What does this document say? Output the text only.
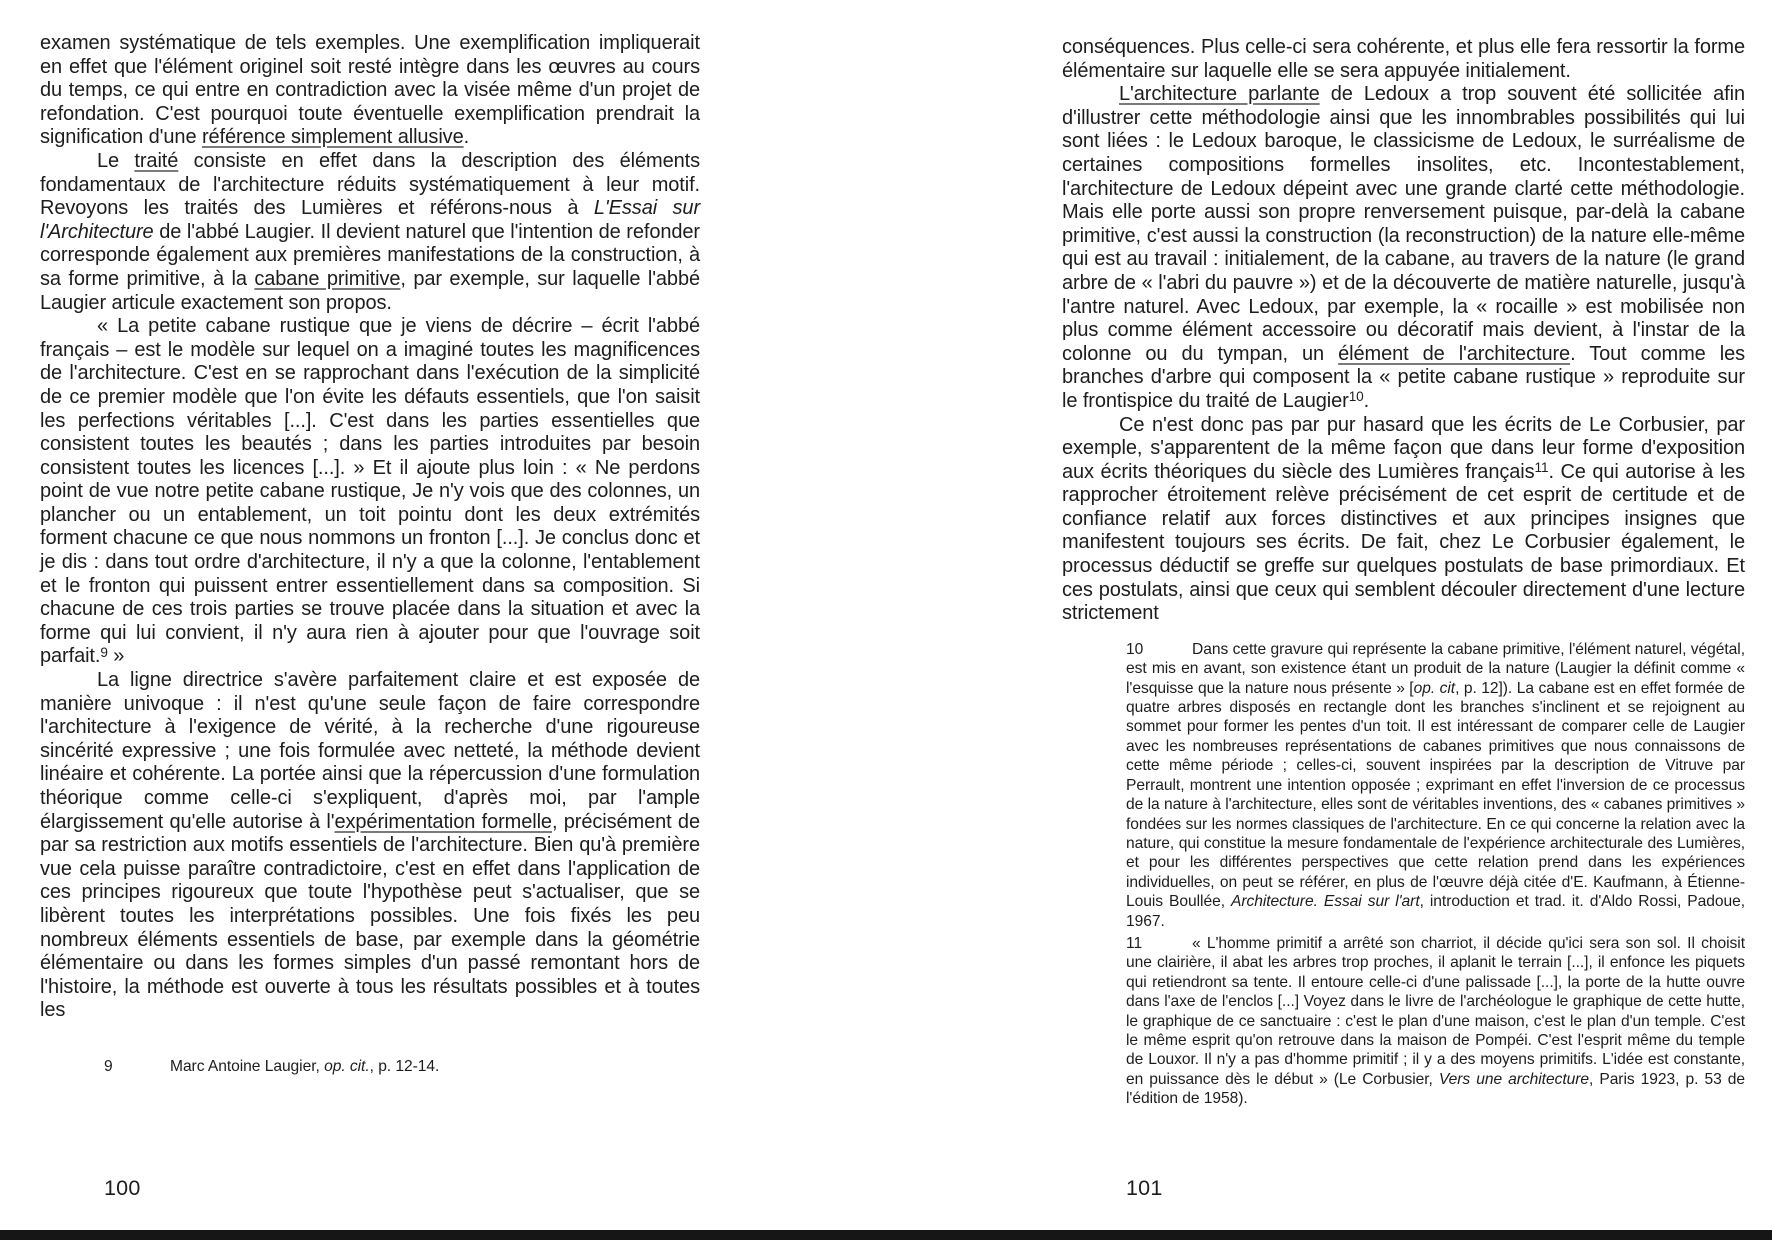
examen systématique de tels exemples. Une exemplification impliquerait en effet que l'élément originel soit resté intègre dans les œuvres au cours du temps, ce qui entre en contradiction avec la visée même d'un projet de refondation. C'est pourquoi toute éventuelle exemplification prendrait la signification d'une référence simplement allusive.

Le traité consiste en effet dans la description des éléments fondamentaux de l'architecture réduits systématiquement à leur motif. Revoyons les traités des Lumières et référons-nous à L'Essai sur l'Architecture de l'abbé Laugier. Il devient naturel que l'intention de refonder corresponde également aux premières manifestations de la construction, à sa forme primitive, à la cabane primitive, par exemple, sur laquelle l'abbé Laugier articule exactement son propos.

« La petite cabane rustique que je viens de décrire – écrit l'abbé français – est le modèle sur lequel on a imaginé toutes les magnificences de l'architecture. C'est en se rapprochant dans l'exécution de la simplicité de ce premier modèle que l'on évite les défauts essentiels, que l'on saisit les perfections véritables [...]. C'est dans les parties essentielles que consistent toutes les beautés ; dans les parties introduites par besoin consistent toutes les licences [...]. » Et il ajoute plus loin : « Ne perdons point de vue notre petite cabane rustique, Je n'y vois que des colonnes, un plancher ou un entablement, un toit pointu dont les deux extrémités forment chacune ce que nous nommons un fronton [...]. Je conclus donc et je dis : dans tout ordre d'architecture, il n'y a que la colonne, l'entablement et le fronton qui puissent entrer essentiellement dans sa composition. Si chacune de ces trois parties se trouve placée dans la situation et avec la forme qui lui convient, il n'y aura rien à ajouter pour que l'ouvrage soit parfait.$^9$ »

La ligne directrice s'avère parfaitement claire et est exposée de manière univoque : il n'est qu'une seule façon de faire correspondre l'architecture à l'exigence de vérité, à la recherche d'une rigoureuse sincérité expressive ; une fois formulée avec netteté, la méthode devient linéaire et cohérente. La portée ainsi que la répercussion d'une formulation théorique comme celle-ci s'expliquent, d'après moi, par l'ample élargissement qu'elle autorise à l'expérimentation formelle, précisément de par sa restriction aux motifs essentiels de l'architecture. Bien qu'à première vue cela puisse paraître contradictoire, c'est en effet dans l'application de ces principes rigoureux que toute l'hypothèse peut s'actualiser, que se libèrent toutes les interprétations possibles. Une fois fixés les peu nombreux éléments essentiels de base, par exemple dans la géométrie élémentaire ou dans les formes simples d'un passé remontant hors de l'histoire, la méthode est ouverte à tous les résultats possibles et à toutes les

9	Marc Antoine Laugier, op. cit., p. 12-14.

100

conséquences. Plus celle-ci sera cohérente, et plus elle fera ressortir la forme élémentaire sur laquelle elle se sera appuyée initialement.

L'architecture parlante de Ledoux a trop souvent été sollicitée afin d'illustrer cette méthodologie ainsi que les innombrables possibilités qui lui sont liées : le Ledoux baroque, le classicisme de Ledoux, le surréalisme de certaines compositions formelles insolites, etc. Incontestablement, l'architecture de Ledoux dépeint avec une grande clarté cette méthodologie. Mais elle porte aussi son propre renversement puisque, par-delà la cabane primitive, c'est aussi la construction (la reconstruction) de la nature elle-même qui est au travail : initialement, de la cabane, au travers de la nature (le grand arbre de « l'abri du pauvre ») et de la découverte de matière naturelle, jusqu'à l'antre naturel. Avec Ledoux, par exemple, la « rocaille » est mobilisée non plus comme élément accessoire ou décoratif mais devient, à l'instar de la colonne ou du tympan, un élément de l'architecture. Tout comme les branches d'arbre qui composent la « petite cabane rustique » reproduite sur le frontispice du traité de Laugier$^{10}$.

Ce n'est donc pas par pur hasard que les écrits de Le Corbusier, par exemple, s'apparentent de la même façon que dans leur forme d'exposition aux écrits théoriques du siècle des Lumières français$^{11}$. Ce qui autorise à les rapprocher étroitement relève précisément de cet esprit de certitude et de confiance relatif aux forces distinctives et aux principes insignes que manifestent toujours ses écrits. De fait, chez Le Corbusier également, le processus déductif se greffe sur quelques postulats de base primordiaux. Et ces postulats, ainsi que ceux qui semblent découler directement d'une lecture strictement

10	Dans cette gravure qui représente la cabane primitive, l'élément naturel, végétal, est mis en avant, son existence étant un produit de la nature (Laugier la définit comme « l'esquisse que la nature nous présente » [op. cit, p. 12]). La cabane est en effet formée de quatre arbres disposés en rectangle dont les branches s'inclinent et se rejoignent au sommet pour former les pentes d'un toit. Il est intéressant de comparer celle de Laugier avec les nombreuses représentations de cabanes primitives que nous connaissons de cette même période ; celles-ci, souvent inspirées par la description de Vitruve par Perrault, montrent une intention opposée ; exprimant en effet l'inversion de ce processus de la nature à l'architecture, elles sont de véritables inventions, des « cabanes primitives » fondées sur les normes classiques de l'architecture. En ce qui concerne la relation avec la nature, qui constitue la mesure fondamentale de l'expérience architecturale des Lumières, et pour les différentes perspectives que cette relation prend dans les expériences individuelles, on peut se référer, en plus de l'œuvre déjà citée d'E. Kaufmann, à Étienne-Louis Boullée, Architecture. Essai sur l'art, introduction et trad. it. d'Aldo Rossi, Padoue, 1967.

11	« L'homme primitif a arrêté son charriot, il décide qu'ici sera son sol. Il choisit une clairière, il abat les arbres trop proches, il aplanit le terrain [...], il enfonce les piquets qui retiendront sa tente. Il entoure celle-ci d'une palissade [...], la porte de la hutte ouvre dans l'axe de l'enclos [...] Voyez dans le livre de l'archéologue le graphique de cette hutte, le graphique de ce sanctuaire : c'est le plan d'une maison, c'est le plan d'un temple. C'est le même esprit qu'on retrouve dans la maison de Pompéi. C'est l'esprit même du temple de Louxor. Il n'y a pas d'homme primitif ; il y a des moyens primitifs. L'idée est constante, en puissance dès le début » (Le Corbusier, Vers une architecture, Paris 1923, p. 53 de l'édition de 1958).

101
